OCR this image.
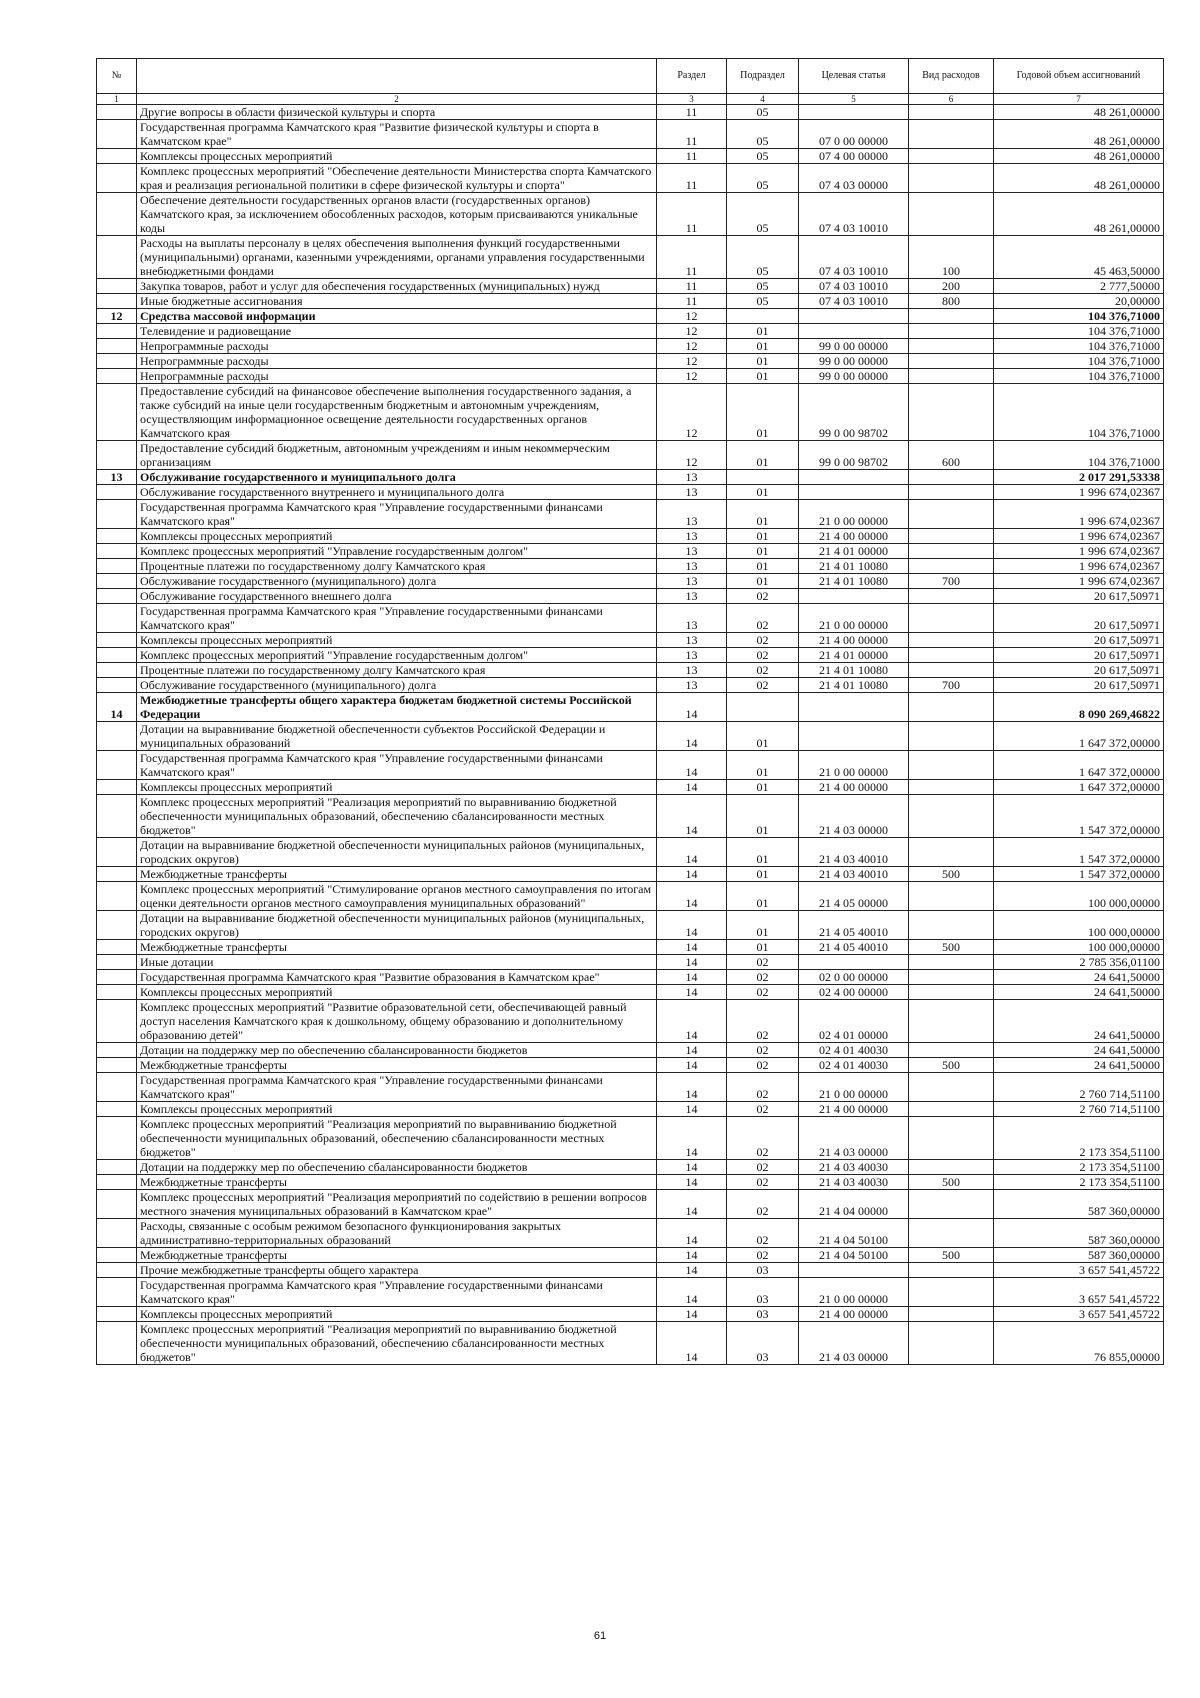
№		Раздел	Подраздел	Целевая статья	Вид расходов	Годовой объем ассигнований
1	2	3	4	5	6	7
	Другие вопросы в области физической культуры и спорта	11	05			48 261,00000
	Государственная программа Камчатского края "Развитие физической культуры и спорта в Камчатском крае"	11	05	07 0 00 00000		48 261,00000
	Комплексы процессных мероприятий	11	05	07 4 00 00000		48 261,00000
	Комплекс процессных мероприятий "Обеспечение деятельности Министерства спорта Камчатского края и реализация региональной политики в сфере физической культуры и спорта"	11	05	07 4 03 00000		48 261,00000
	Обеспечение деятельности государственных органов власти (государственных органов) Камчатского края, за исключением обособленных расходов, которым присваиваются уникальные коды	11	05	07 4 03 10010		48 261,00000
	Расходы на выплаты персоналу в целях обеспечения выполнения функций государственными (муниципальными) органами, казенными учреждениями, органами управления государственными внебюджетными фондами	11	05	07 4 03 10010	100	45 463,50000
	Закупка товаров, работ и услуг для обеспечения государственных (муниципальных) нужд	11	05	07 4 03 10010	200	2 777,50000
	Иные бюджетные ассигнования	11	05	07 4 03 10010	800	20,00000
12	Средства массовой информации	12				104 376,71000
	Телевидение и радиовещание	12	01			104 376,71000
	Непрограммные расходы	12	01	99 0 00 00000		104 376,71000
	Непрограммные расходы	12	01	99 0 00 00000		104 376,71000
	Непрограммные расходы	12	01	99 0 00 00000		104 376,71000
	Предоставление субсидий на финансовое обеспечение выполнения государственного задания, а также субсидий на иные цели государственным бюджетным и автономным учреждениям, осуществляющим информационное освещение деятельности государственных органов Камчатского края	12	01	99 0 00 98702		104 376,71000
	Предоставление субсидий бюджетным, автономным учреждениям и иным некоммерческим организациям	12	01	99 0 00 98702	600	104 376,71000
13	Обслуживание государственного и муниципального долга	13				2 017 291,53338
	Обслуживание государственного внутреннего и муниципального долга	13	01			1 996 674,02367
	Государственная программа Камчатского края "Управление государственными финансами Камчатского края"	13	01	21 0 00 00000		1 996 674,02367
	Комплексы процессных мероприятий	13	01	21 4 00 00000		1 996 674,02367
	Комплекс процессных мероприятий "Управление государственным долгом"	13	01	21 4 01 00000		1 996 674,02367
	Процентные платежи по государственному долгу Камчатского края	13	01	21 4 01 10080		1 996 674,02367
	Обслуживание государственного (муниципального) долга	13	01	21 4 01 10080	700	1 996 674,02367
	Обслуживание государственного внешнего долга	13	02			20 617,50971
	Государственная программа Камчатского края "Управление государственными финансами Камчатского края"	13	02	21 0 00 00000		20 617,50971
	Комплексы процессных мероприятий	13	02	21 4 00 00000		20 617,50971
	Комплекс процессных мероприятий "Управление государственным долгом"	13	02	21 4 01 00000		20 617,50971
	Процентные платежи по государственному долгу Камчатского края	13	02	21 4 01 10080		20 617,50971
	Обслуживание государственного (муниципального) долга	13	02	21 4 01 10080	700	20 617,50971
14	Межбюджетные трансферты общего характера бюджетам бюджетной системы Российской Федерации	14				8 090 269,46822
	Дотации на выравнивание бюджетной обеспеченности субъектов Российской Федерации и муниципальных образований	14	01			1 647 372,00000
	Государственная программа Камчатского края "Управление государственными финансами Камчатского края"	14	01	21 0 00 00000		1 647 372,00000
	Комплексы процессных мероприятий	14	01	21 4 00 00000		1 647 372,00000
	Комплекс процессных мероприятий "Реализация мероприятий по выравниванию бюджетной обеспеченности муниципальных образований, обеспечению сбалансированности местных бюджетов"	14	01	21 4 03 00000		1 547 372,00000
	Дотации на выравнивание бюджетной обеспеченности муниципальных районов (муниципальных, городских округов)	14	01	21 4 03 40010		1 547 372,00000
	Межбюджетные трансферты	14	01	21 4 03 40010	500	1 547 372,00000
	Комплекс процессных мероприятий "Стимулирование органов местного самоуправления по итогам оценки деятельности органов местного самоуправления муниципальных образований"	14	01	21 4 05 00000		100 000,00000
	Дотации на выравнивание бюджетной обеспеченности муниципальных районов (муниципальных, городских округов)	14	01	21 4 05 40010		100 000,00000
	Межбюджетные трансферты	14	01	21 4 05 40010	500	100 000,00000
	Иные дотации	14	02			2 785 356,01100
	Государственная программа Камчатского края "Развитие образования в Камчатском крае"	14	02	02 0 00 00000		24 641,50000
	Комплексы процессных мероприятий	14	02	02 4 00 00000		24 641,50000
	Комплекс процессных мероприятий "Развитие образовательной сети, обеспечивающей равный доступ населения Камчатского края к дошкольному, общему образованию и дополнительному образованию детей"	14	02	02 4 01 00000		24 641,50000
	Дотации на поддержку мер по обеспечению сбалансированности бюджетов	14	02	02 4 01 40030		24 641,50000
	Межбюджетные трансферты	14	02	02 4 01 40030	500	24 641,50000
	Государственная программа Камчатского края "Управление государственными финансами Камчатского края"	14	02	21 0 00 00000		2 760 714,51100
	Комплексы процессных мероприятий	14	02	21 4 00 00000		2 760 714,51100
	Комплекс процессных мероприятий "Реализация мероприятий по выравниванию бюджетной обеспеченности муниципальных образований, обеспечению сбалансированности местных бюджетов"	14	02	21 4 03 00000		2 173 354,51100
	Дотации на поддержку мер по обеспечению сбалансированности бюджетов	14	02	21 4 03 40030		2 173 354,51100
	Межбюджетные трансферты	14	02	21 4 03 40030	500	2 173 354,51100
	Комплекс процессных мероприятий "Реализация мероприятий по содействию в решении вопросов местного значения муниципальных образований в Камчатском крае"	14	02	21 4 04 00000		587 360,00000
	Расходы, связанные с особым режимом безопасного функционирования закрытых административно-территориальных образований	14	02	21 4 04 50100		587 360,00000
	Межбюджетные трансферты	14	02	21 4 04 50100	500	587 360,00000
	Прочие межбюджетные трансферты общего характера	14	03			3 657 541,45722
	Государственная программа Камчатского края "Управление государственными финансами Камчатского края"	14	03	21 0 00 00000		3 657 541,45722
	Комплексы процессных мероприятий	14	03	21 4 00 00000		3 657 541,45722
	Комплекс процессных мероприятий "Реализация мероприятий по выравниванию бюджетной обеспеченности муниципальных образований, обеспечению сбалансированности местных бюджетов"	14	03	21 4 03 00000		76 855,00000
61
